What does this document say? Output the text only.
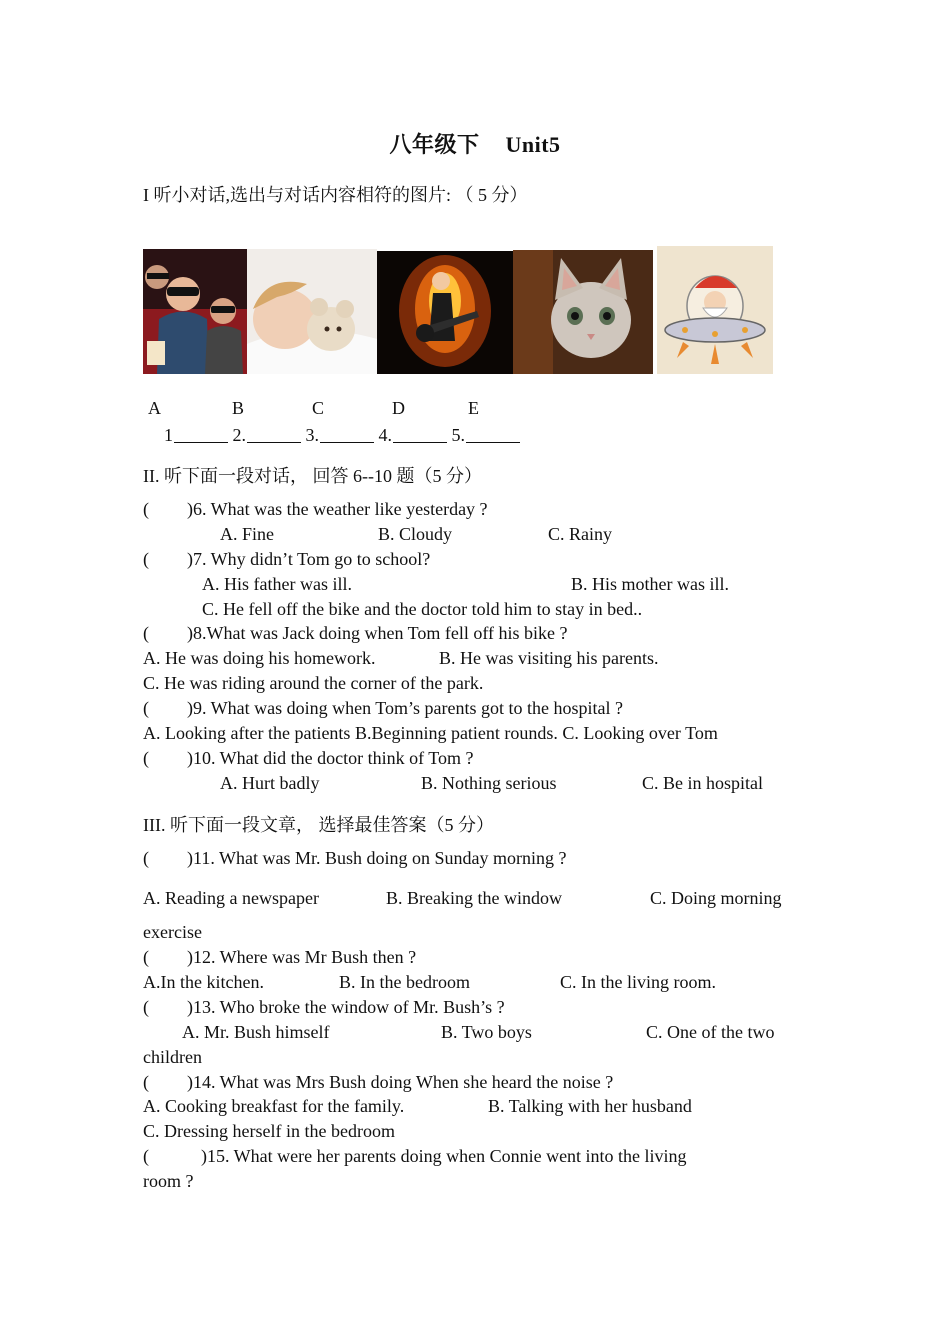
八年级下 Unit5
I 听小对话,选出与对话内容相符的图片: （ 5 分）
A	B	C	D	E
1	2.	3.	4.	5.
II. 听下面一段对话， 回答 6--10 题（5 分）
( )6. What was the weather like yesterday ?
A. Fine	B. Cloudy	C. Rainy
( )7. Why didn’t Tom go to school?
A. His father was ill.	B. His mother was ill.
C. He fell off the bike and the doctor told him to stay in bed..
( )8.What was Jack doing when Tom fell off his bike ?
A. He was doing his homework.	B. He was visiting his parents.
C. He was riding around the corner of the park.
( )9. What was doing when Tom’s parents got to the hospital ?
A. Looking after the patients B.Beginning patient rounds. C. Looking over Tom
( )10. What did the doctor think of Tom ?
A. Hurt badly	B. Nothing serious	C. Be in hospital
III. 听下面一段文章， 选择最佳答案（5 分）
( )11. What was Mr. Bush doing on Sunday morning ?
A. Reading a newspaper	B. Breaking the window	C. Doing morning
exercise
( )12. Where was Mr Bush then ?
A.In the kitchen.	B. In the bedroom	C. In the living room.
( )13. Who broke the window of Mr. Bush’s ?
A. Mr. Bush himself	B. Two boys	C. One of the two
children
( )14. What was Mrs Bush doing When she heard the noise ?
A. Cooking breakfast for the family.	B. Talking with her husband
C. Dressing herself in the bedroom
(	)15. What were her parents doing when Connie went into the living
room ?
